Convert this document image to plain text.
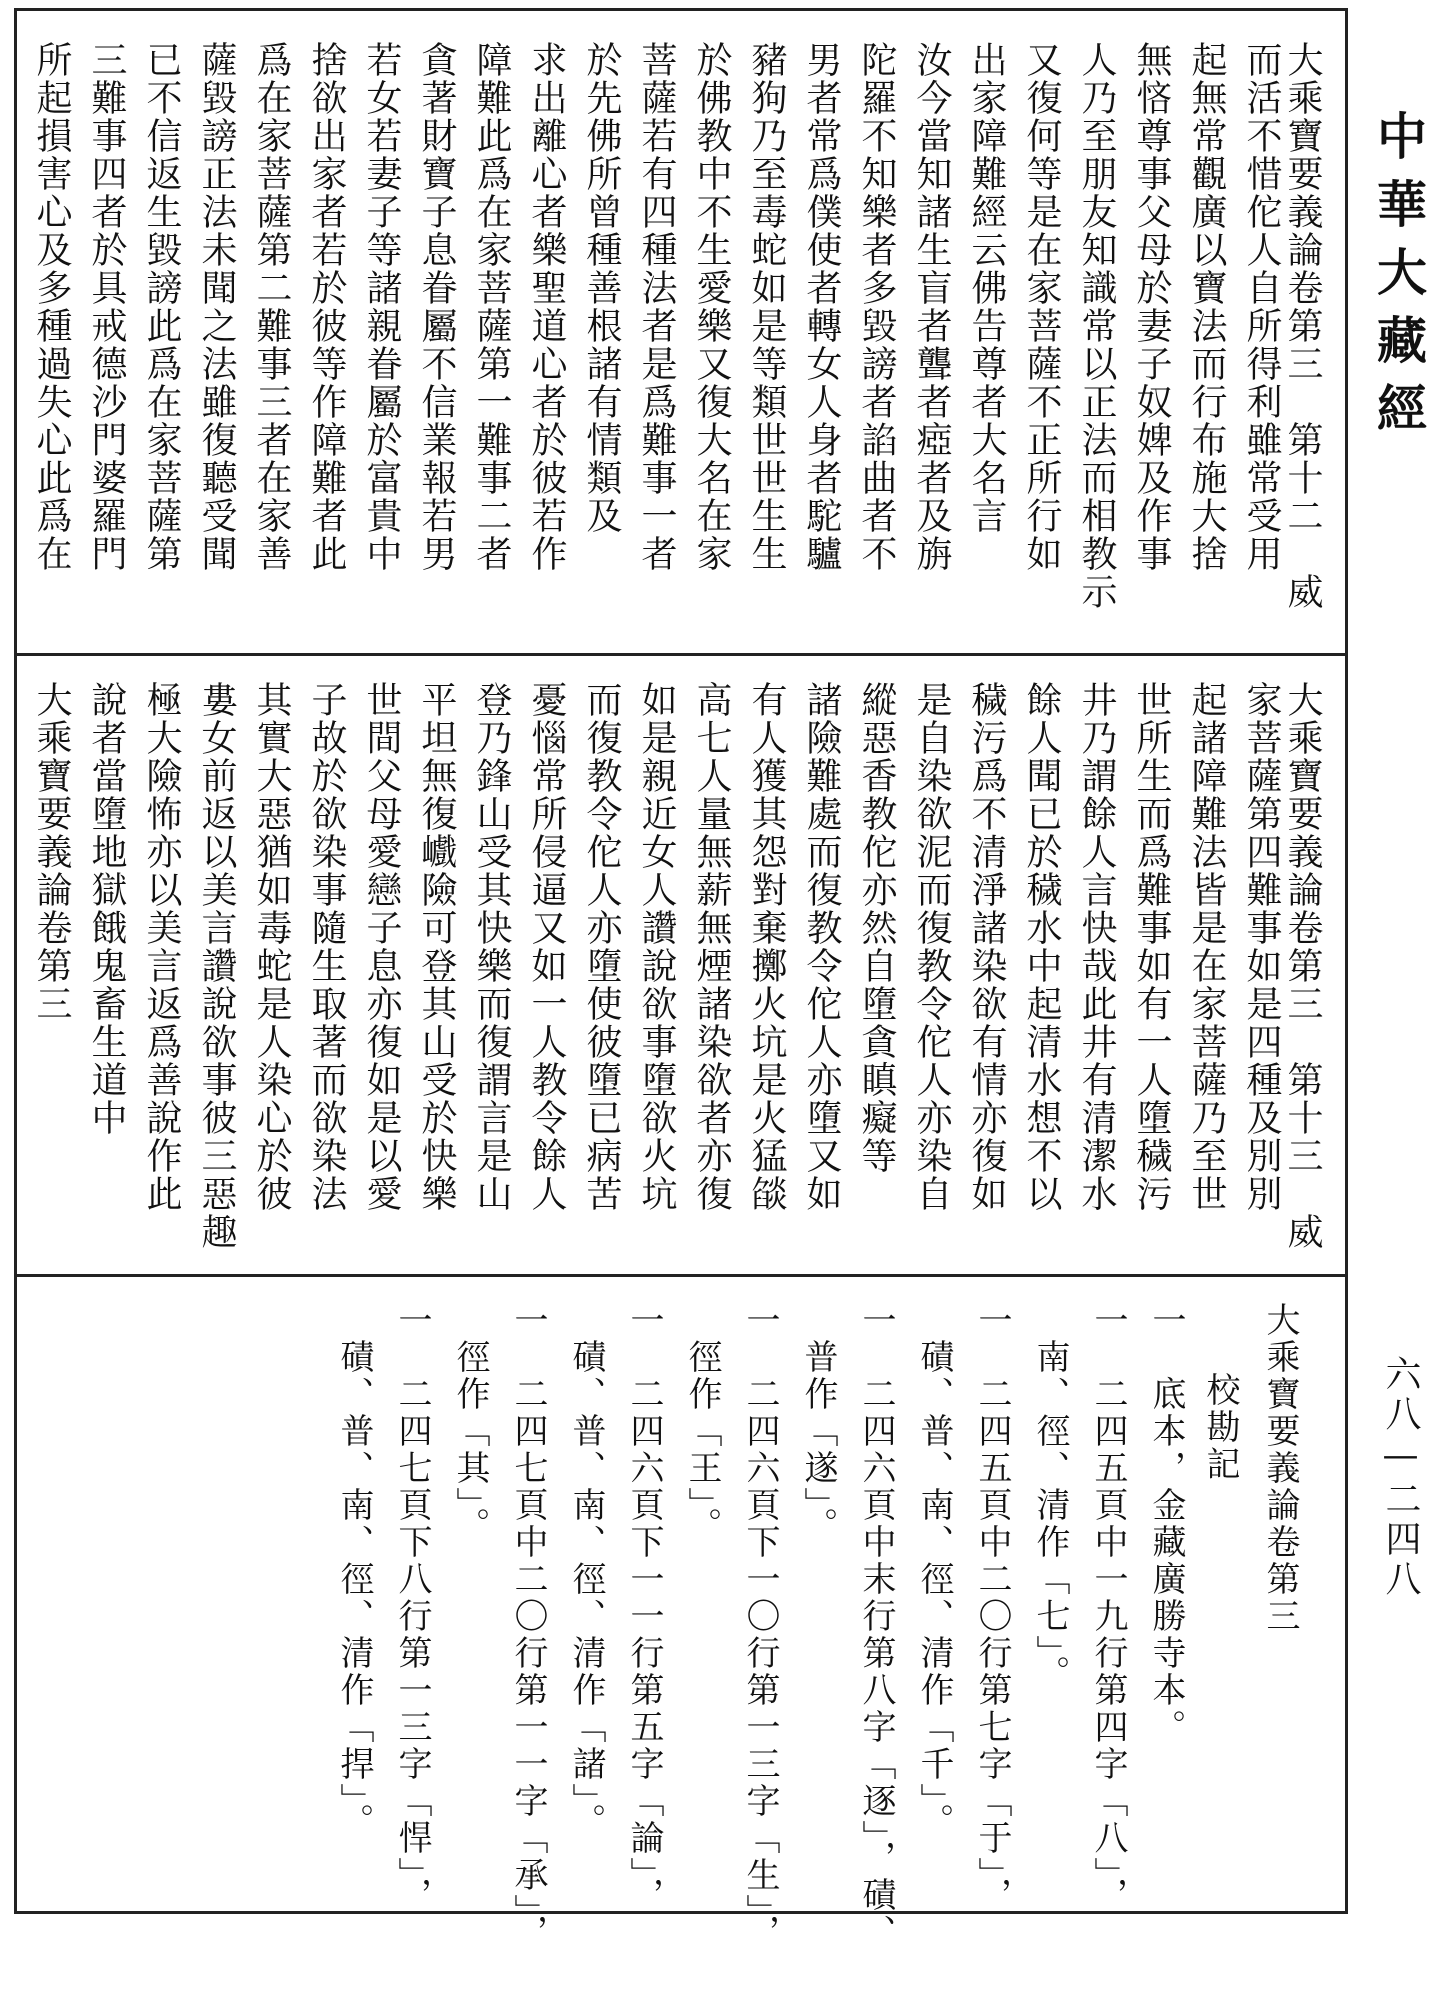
中華大藏經
六八—二四八
大乘寶要義論卷第三　第十二　威
而活不惜佗人自所得利雖常受用
起無常觀廣以寶法而行布施大捨
無悋尊事父母於妻子奴婢及作事
人乃至朋友知識常以正法而相教示
又復何等是在家菩薩不正所行如
出家障難經云佛告尊者大名言
汝今當知諸生盲者聾者瘂者及旃
陀羅不知樂者多毀謗者諂曲者不
男者常爲僕使者轉女人身者駝驢
豬狗乃至毒蛇如是等類世世生生
於佛教中不生愛樂又復大名在家
菩薩若有四種法者是爲難事一者
於先佛所曾種善根諸有情類及
求出離心者樂聖道心者於彼若作
障難此爲在家菩薩第一難事二者
貪著財寶子息眷屬不信業報若男
若女若妻子等諸親眷屬於富貴中
捨欲出家者若於彼等作障難者此
爲在家菩薩第二難事三者在家善
薩毀謗正法未聞之法雖復聽受聞
已不信返生毀謗此爲在家菩薩第
三難事四者於具戒德沙門婆羅門
所起損害心及多種過失心此爲在
大乘寶要義論卷第三　第十三　威
家菩薩第四難事如是四種及別別
起諸障難法皆是在家菩薩乃至世
世所生而爲難事如有一人墮穢污
井乃謂餘人言快哉此井有清潔水
餘人聞已於穢水中起清水想不以
穢污爲不清淨諸染欲有情亦復如
是自染欲泥而復教令佗人亦染自
縱惡香教佗亦然自墮貪瞋癡等
諸險難處而復教令佗人亦墮又如
有人獲其怨對棄擲火坑是火猛燄
高七人量無薪無煙諸染欲者亦復
如是親近女人讚說欲事墮欲火坑
而復教令佗人亦墮使彼墮已病苦
憂惱常所侵逼又如一人教令餘人
登乃鋒山受其快樂而復謂言是山
平坦無復巇險可登其山受於快樂
世間父母愛戀子息亦復如是以愛
子故於欲染事隨生取著而欲染法
其實大惡猶如毒蛇是人染心於彼
婁女前返以美言讚說欲事彼三惡趣
極大險怖亦以美言返爲善說作此
說者當墮地獄餓鬼畜生道中
大乘寶要義論卷第三
大乘寶要義論卷第三
校勘記
一　底本，金藏廣勝寺本。
一　二四五頁中一九行第四字「八」，
　南、徑、清作「七」。
一　二四五頁中二〇行第七字「于」，
　磧、普、南、徑、清作「千」。
一　二四六頁中末行第八字「逐」，磧、
　普作「遂」。
一　二四六頁下一〇行第一三字「生」，
　徑作「王」。
一　二四六頁下一一行第五字「論」，
　磧、普、南、徑、清作「諸」。
一　二四七頁中二〇行第一一字「承」，
　徑作「其」。
一　二四七頁下八行第一三字「悍」，
　磧、普、南、徑、清作「捍」。
